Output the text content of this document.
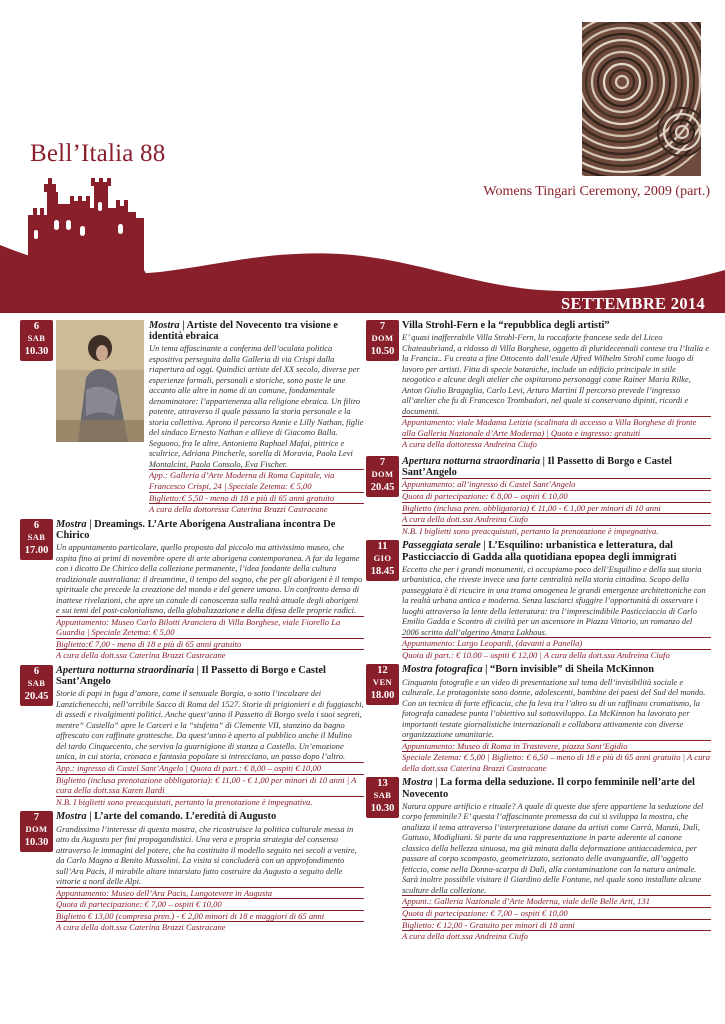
Bell’Italia 88
Womens Tingari Ceremony, 2009 (part.)
SETTEMBRE 2014
6
SAB
10.30
Mostra | Artiste del Novecento tra visione e identità ebraica
Un tema affascinante a conferma dell’oculata politica espositiva perseguita dalla Galleria di via Crispi dalla riapertura ad oggi. Quindici artiste del XX secolo, diverse per esperienze formali, personali e storiche, sono poste le une accanto alle altre in nome di un comune, fondamentale denominatore: l’appartenenza alla religione ebraica. Un filtro potente, attraverso il quale passano la storia personale e la storia collettiva. Aprono il percorso Annie e Lilly Nathan, figlie del sindaco Ernesto Nathan e allieve di Giacomo Balla. Seguono, fra le altre, Antonietta Raphael Mafai, pittrice e scultrice, Adriana Pincherle, sorella di Moravia, Paola Levi Montalcini, Paola Consolo, Eva Fischer.
App.: Galleria d’Arte Moderna di Roma Capitale, via Francesco Crispi, 24 | Speciale Zetema: € 5,00
Biglietto:€ 5,50 - meno di 18 e più di 65 anni gratuito
A cura della dottoressa Caterina Brazzi Castracane
6
SAB
17.00
Mostra | Dreamings. L’Arte Aborigena Australiana incontra De Chirico
Un appuntamento particolare, quello proposto dal piccolo ma attivissimo museo, che ospita fino ai primi di novembre opere di arte aborigena contemporanea. A far da legame con i dicotto De Chirico della collezione permanente, l’idea fondante della cultura tradizionale australiana: il dreamtime, il tempo del sogno, che per gli aborigeni è il tempo spirituale che precede la creazione del mondo e del genere umano. Un confronto denso di inattese rivelazioni, che apre un canale di conoscenza sulla realtà attuale degli aborigeni e sui temi del post-colonialismo, della globalizzazione e della difesa delle proprie radici.
Appuntamento: Museo Carlo Bilotti Aranciera di Villa Borghese, viale Fiorello La Guardia | Speciale Zetema: € 5,00
Biglietto:€ 7,00 - meno di 18 e più di 65 anni gratuito
A cura della dott.ssa Caterina Brazzi Castracane
6
SAB
20.45
Apertura notturna straordinaria | Il Passetto di Borgo e Castel Sant’Angelo
Storie di papi in fuga d’amore, come il sensuale Borgia, o sotto l’incalzare dei Lanzichenecchi, nell’orribile Sacco di Roma del 1527. Storie di prigionieri e di fuggiaschi, di assedi e rivolgimenti politici. Anche quest’anno il Passetto di Borgo svela i suoi segreti, mentre” Castello” apre le Carceri e la “stufetta” di Clemente VII, stanzino da bagno affrescato con raffinate grottesche. Da quest’anno è aperto al pubblico anche il Mulino del tardo Cinquecento, che serviva la guarnigione di stanza a Castello. Un’emozione unica, in cui storia, cronaca e fantasia popolare si intrecciano, un passo dopo l’altro.
App.: ingresso di Castel Sant’Angelo | Quota di part.: € 8,00 – ospiti € 10,00
Biglietto (inclusa prenotazione obbligatoria): € 11,00 - € 1,00 per minori di 10 anni | A cura della dott.ssa Karen Ilardi
N.B. I biglietti sono preacquistati, pertanto la prenotazione è impegnativa.
7
DOM
10.30
Mostra | L’arte del comando. L’eredità di Augusto
Grandissimo l’interesse di questa mostra, che ricostruisce la politica culturale messa in atto da Augusto per fini propagandistici. Una vera e propria strategia del consenso attraverso le immagini del potere, che ha costituito il modello seguito nei secoli a venire, da Carlo Magno a Benito Mussolini. La visita si concluderà con un approfondimento sull’Ara Pacis, il mirabile altare intarsiato fatto costruire da Augusto a seguito delle vittorie a nord delle Alpi.
Appuntamento: Museo dell’Ara Pacis, Lungotevere in Augusta
Quota di partecipazione: € 7,00 – ospiti € 10,00
Biglietto € 13,00 (compresa pren.) - € 2,00 minori di 18 e maggiori di 65 anni
A cura della dott.ssa Caterina Brazzi Castracane
7
DOM
10.50
Villa Strohl-Fern e la “repubblica degli artisti”
E’ quasi inafferrabile Villa Strohl-Fern, la roccaforte francese sede del Liceo Chateaubriand, a ridosso di Villa Borghese, oggetto di pluridecennali contese tra l’Italia e la Francia.. Fu creata a fine Ottocento dall’esule Alfred Wilhelm Strohl come luogo di lavoro per artisti. Fitta di specie botaniche, include un edificio principale in stile neogotico e alcune degli atelier che ospitarono personaggi come Rainer Maria Rilke, Anton Giulio Bragaglia, Carlo Levi, Arturo Martini Il percorso prevede l’ingresso all’atelier che fu di Francesco Trombadori, nel quale si conservano dipinti, ricordi e documenti.
Appuntamento: viale Madama Letizia (scalinata di accesso a Villa Borghese di fronte alla Galleria Nazionale d’Arte Moderna) | Quota e ingresso: gratuiti
A cura della dottoressa Andreina Ciufo
7
DOM
20.45
Apertura notturna straordinaria | Il Passetto di Borgo e Castel Sant’Angelo
Appuntamento: all’ingresso di Castel Sant’Angelo
Quota di partecipazione: € 8,00 – ospiti € 10,00
Biglietto (inclusa pren. obbligatoria) € 11,00 - € 1,00 per minori di 10 anni
A cura della dott.ssa Andreina Ciufo
N.B. I biglietti sono preacquistati, pertanto la prenotazione è impegnativa.
11
GIO
18.45
Passeggiata serale | L’Esquilino: urbanistica e letteratura, dal Pasticciaccio di Gadda alla quotidiana epopea degli immigrati
Eccetto che per i grandi monumenti, ci occupiamo poco dell’Esquilino e della sua storia urbanistica, che riveste invece una forte centralità nella storia cittadina. Scopo della passeggiata è di ricucire in una trama omogenea le grandi emergenze architettoniche con la realtà urbana antica e moderna. Senza lasciarci sfuggire l’opportunità di osservare i luoghi attraverso la lente della letteratura: tra l’imprescindibile Pasticciaccio di Carlo Emilio Gadda e Scontro di civiltà per un ascensore in Piazza Vittorio, un romanzo del 2006 scritto dall’algerino Amara Lakhous.
Appuntamento: Largo Leopardi, (davanti a Panella)
Quota di part.: € 10.00 – ospiti € 12,00 | A cura della dott.ssa Andreina Ciufo
12
VEN
18.00
Mostra fotografica | “Born invisible” di Sheila McKinnon
Cinquanta fotografie e un video di presentazione sul tema dell’invisibilità sociale e culturale. Le protagoniste sono donne, adolescenti, bambine dei paesi del Sud del mondo. Con un tecnica di forte efficacia, che fa leva tra l’altro su di un raffinato cromatismo, la fotografa canadese punta l’obiettivo sul sottosviluppo. La McKinnon ha lavorato per importanti testate giornalistiche internazionali e collabora attivamente con diverse organizzazione umanitarie.
Appuntamento: Museo di Roma in Trastevere, piazza Sant’Egidio
Speciale Zetema: € 5,00 | Biglietto: € 6,50 – meno di 18 e più di 65 anni gratuito | A cura della dott.ssa Caterina Brazzi Castracane
13
SAB
10.30
Mostra | La forma della seduzione. Il corpo femminile nell’arte del Novecento
Natura oppure artificio e rituale? A quale di queste due sfere appartiene la seduzione del corpo femminile? E’ questa l’affascinante premessa da cui si sviluppa la mostra, che analizza il tema attraverso l’interpretazione datane da artisti come Carrà, Manzù, Dalì, Guttuso, Modigliani. Si parte da una rappresentazione in parte aderente al canone classico della bellezza sinuosa, ma già minata dalla deformazione antiaccademica, per passare al corpo scomposto, geometrizzato, sezionato delle avanguardie, all’oggetto feticcio, come nella Donna-scarpa di Dalì, alla contaminazione con la natura animale. Sarà inoltre possibile visitare il Giardino delle Fontane, nel quale sono installate alcune sculture della collezione.
Appunt.: Galleria Nazionale d’Arte Moderna, viale delle Belle Arti, 131
Quota di partecipazione: € 7,00 – ospiti € 10,00
Biglietto: € 12,00 - Gratuito per minori di 18 anni
A cura della dott.ssa Andreina Ciufo
